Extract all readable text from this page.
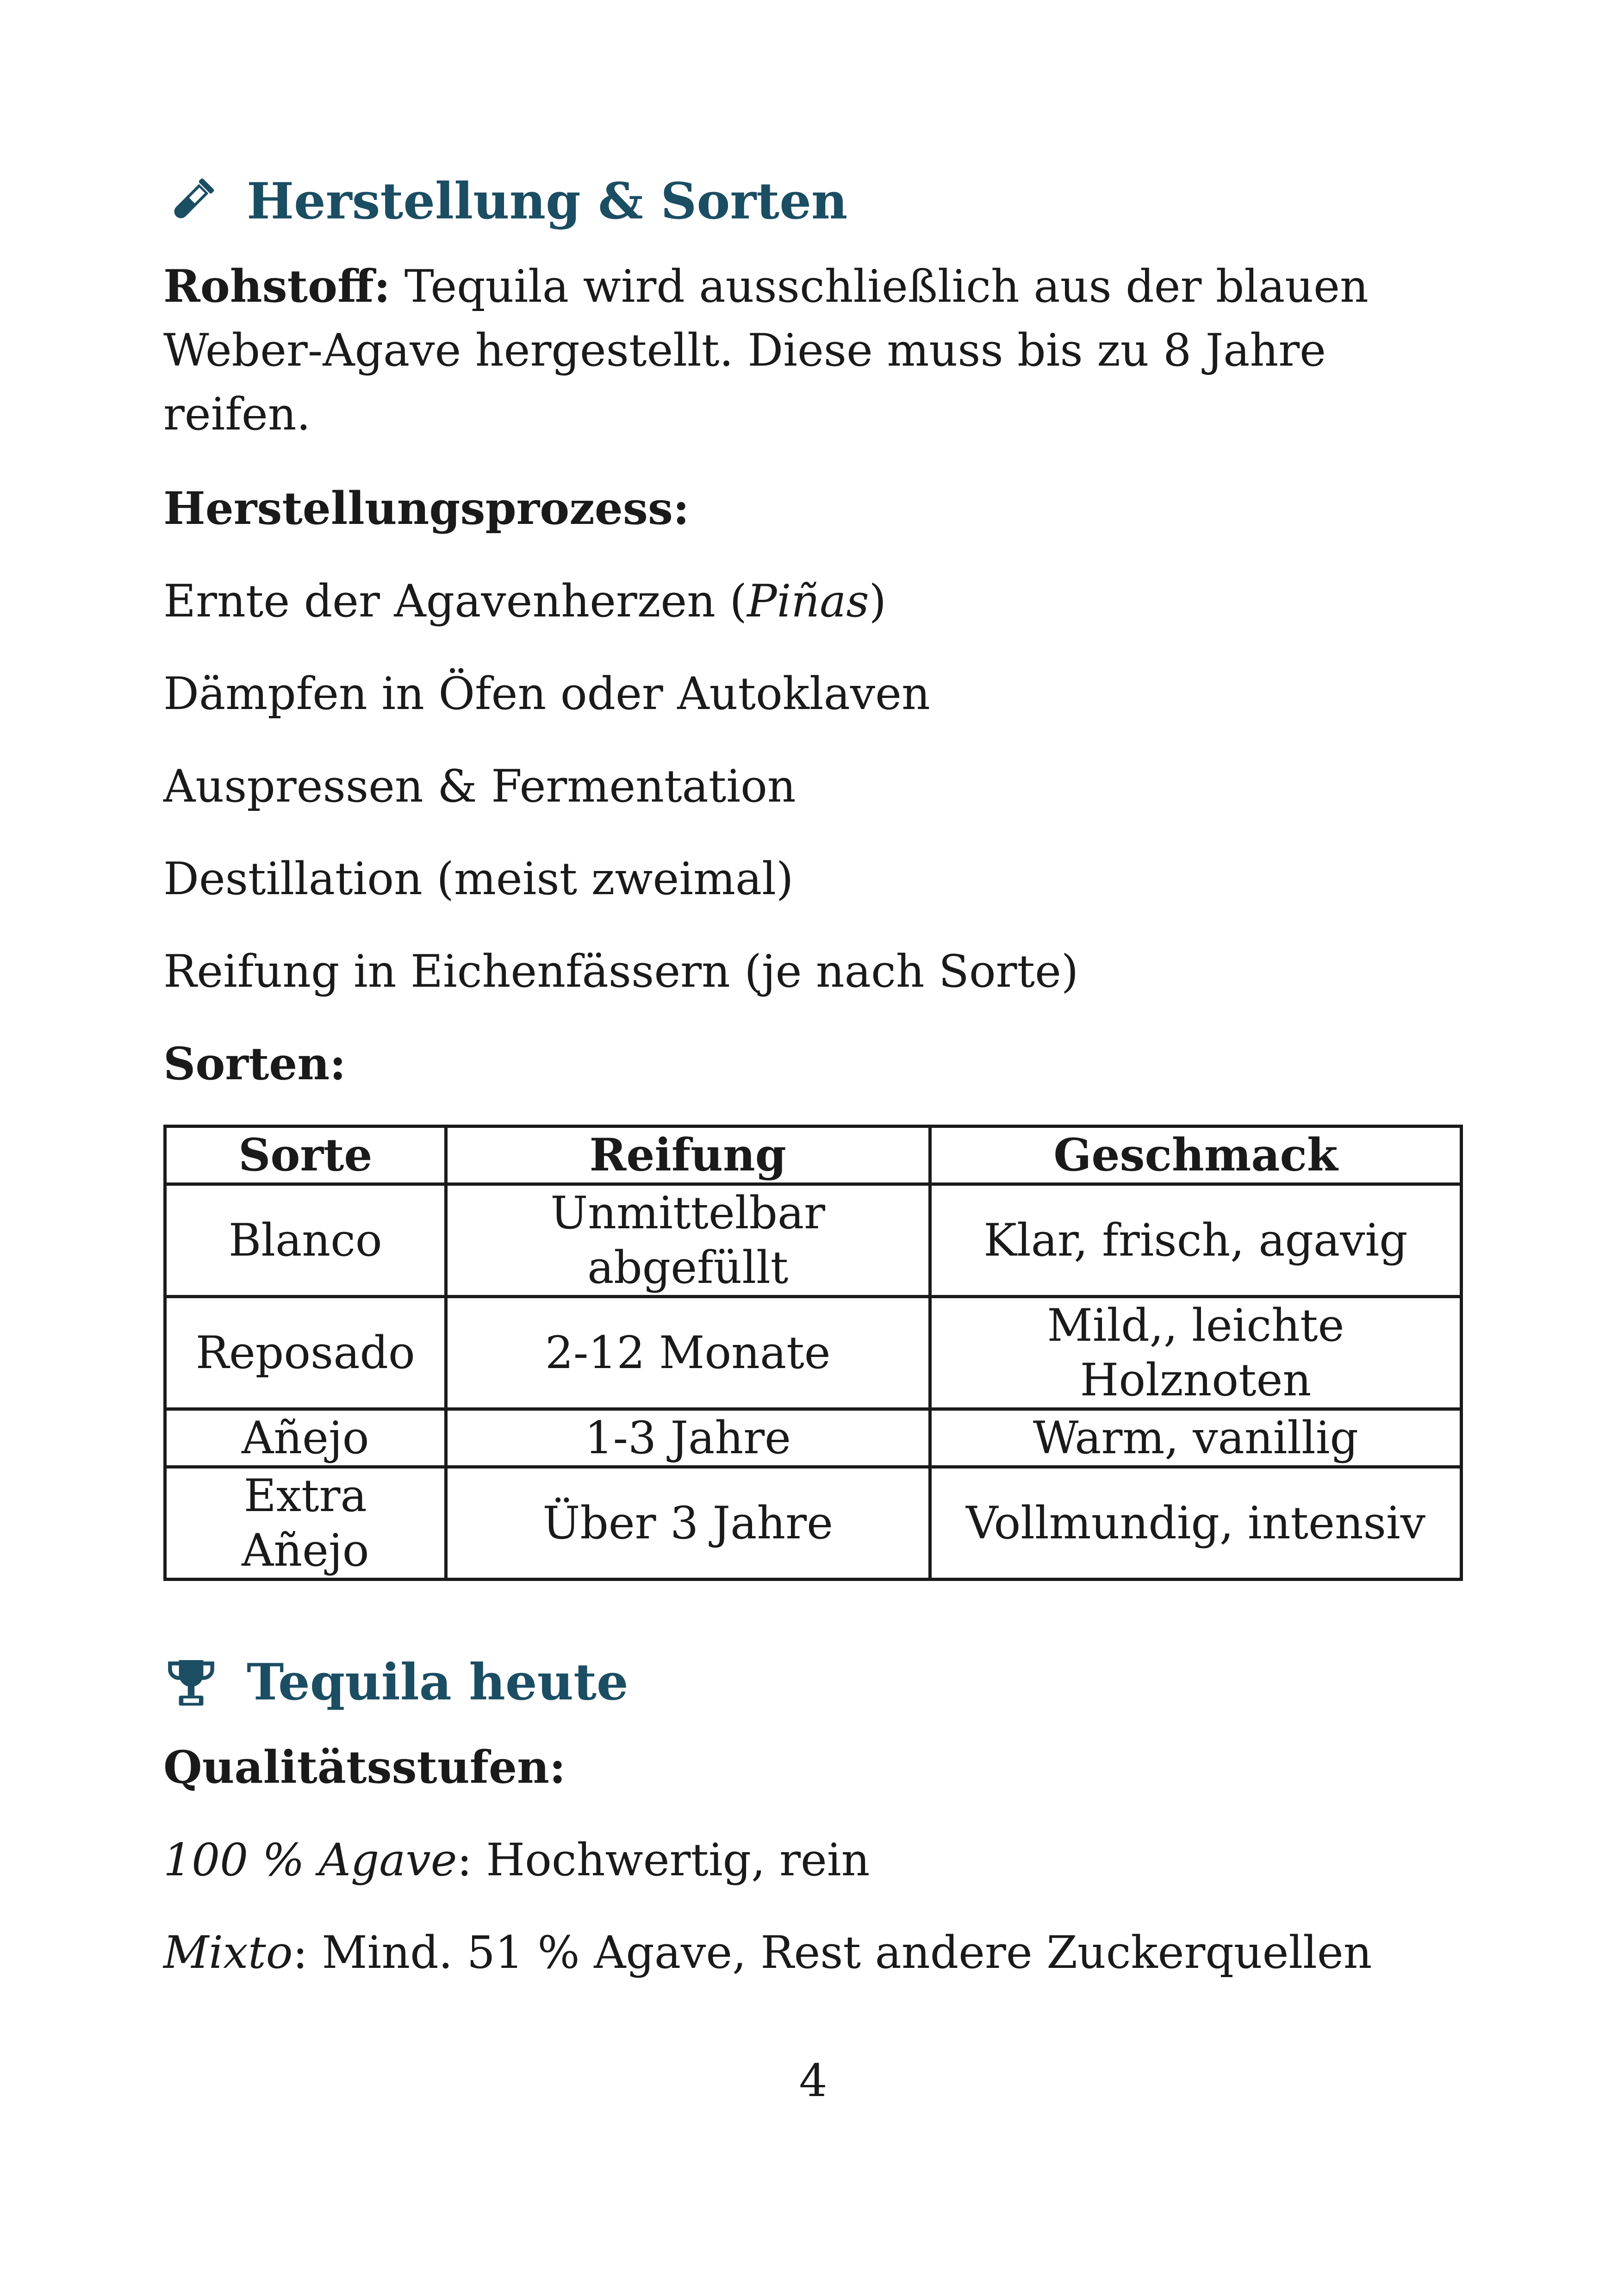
Herstellung & Sorten
Rohstoff: Tequila wird ausschließlich aus der blauen Weber-Agave hergestellt. Diese muss bis zu 8 Jahre reifen.
Herstellungsprozess:
Ernte der Agavenherzen (Piñas)
Dämpfen in Öfen oder Autoklaven
Auspressen & Fermentation
Destillation (meist zweimal)
Reifung in Eichenfässern (je nach Sorte)
Sorten:
Sorte	Reifung	Geschmack
Blanco	Unmittelbar abgefüllt	Klar, frisch, agavig
Reposado	2-12 Monate	Mild,, leichte Holznoten
Añejo	1-3 Jahre	Warm, vanillig
Extra Añejo	Über 3 Jahre	Vollmundig, intensiv
Tequila heute
Qualitätsstufen:
100 % Agave: Hochwertig, rein
Mixto: Mind. 51 % Agave, Rest andere Zuckerquellen
4
